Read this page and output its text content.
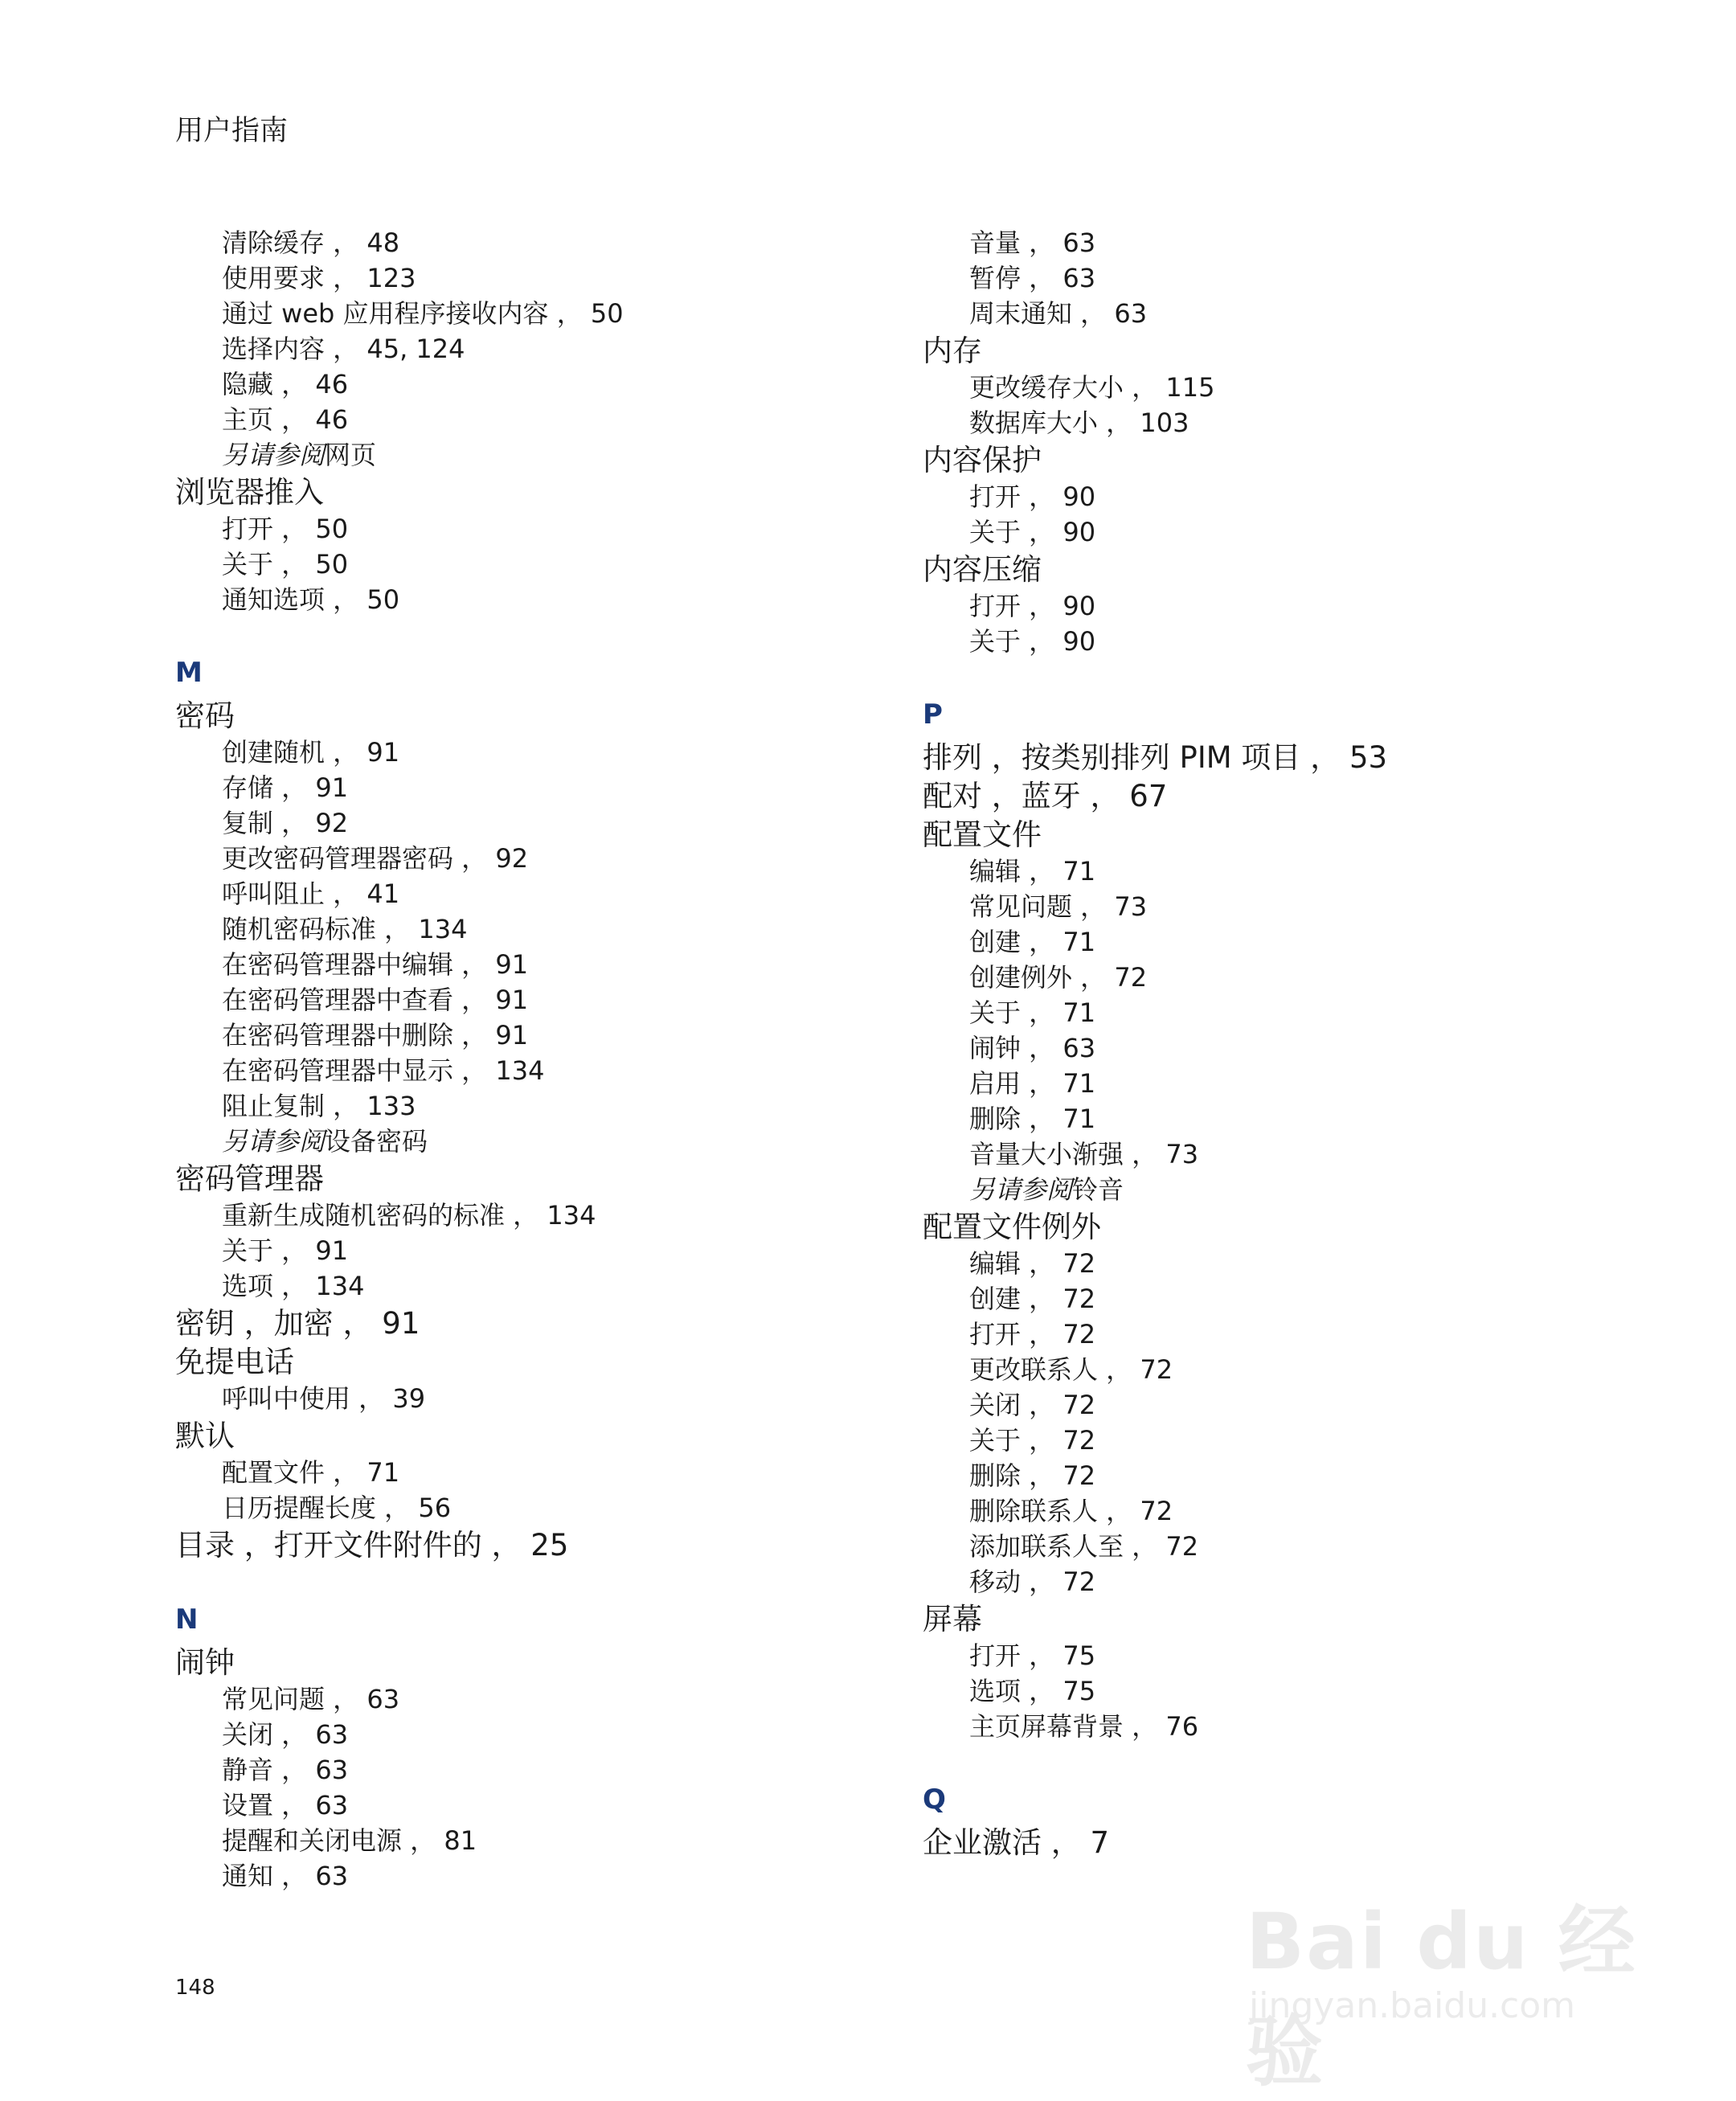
用户指南
清除缓存 ， 48
使用要求 ， 123
通过 web 应用程序接收内容 ， 50
选择内容 ， 45, 124
隐藏 ， 46
主页 ， 46
另请参阅网页
浏览器推入
打开 ， 50
关于 ， 50
通知选项 ， 50
M
密码
创建随机 ， 91
存储 ， 91
复制 ， 92
更改密码管理器密码 ， 92
呼叫阻止 ， 41
随机密码标准 ， 134
在密码管理器中编辑 ， 91
在密码管理器中查看 ， 91
在密码管理器中删除 ， 91
在密码管理器中显示 ， 134
阻止复制 ， 133
另请参阅设备密码
密码管理器
重新生成随机密码的标准 ， 134
关于 ， 91
选项 ， 134
密钥 ，加密 ， 91
免提电话
呼叫中使用 ， 39
默认
配置文件 ， 71
日历提醒长度 ， 56
目录 ，打开文件附件的 ， 25
N
闹钟
常见问题 ， 63
关闭 ， 63
静音 ， 63
设置 ， 63
提醒和关闭电源 ， 81
通知 ， 63
音量 ， 63
暂停 ， 63
周末通知 ， 63
内存
更改缓存大小 ， 115
数据库大小 ， 103
内容保护
打开 ， 90
关于 ， 90
内容压缩
打开 ， 90
关于 ， 90
P
排列 ，按类别排列 PIM 项目 ， 53
配对 ，蓝牙 ， 67
配置文件
编辑 ， 71
常见问题 ， 73
创建 ， 71
创建例外 ， 72
关于 ， 71
闹钟 ， 63
启用 ， 71
删除 ， 71
音量大小渐强 ， 73
另请参阅铃音
配置文件例外
编辑 ， 72
创建 ， 72
打开 ， 72
更改联系人 ， 72
关闭 ， 72
关于 ， 72
删除 ， 72
删除联系人 ， 72
添加联系人至 ， 72
移动 ， 72
屏幕
打开 ， 75
选项 ， 75
主页屏幕背景 ， 76
Q
企业激活 ， 7
148
Bai du 经验
jingyan.baidu.com
